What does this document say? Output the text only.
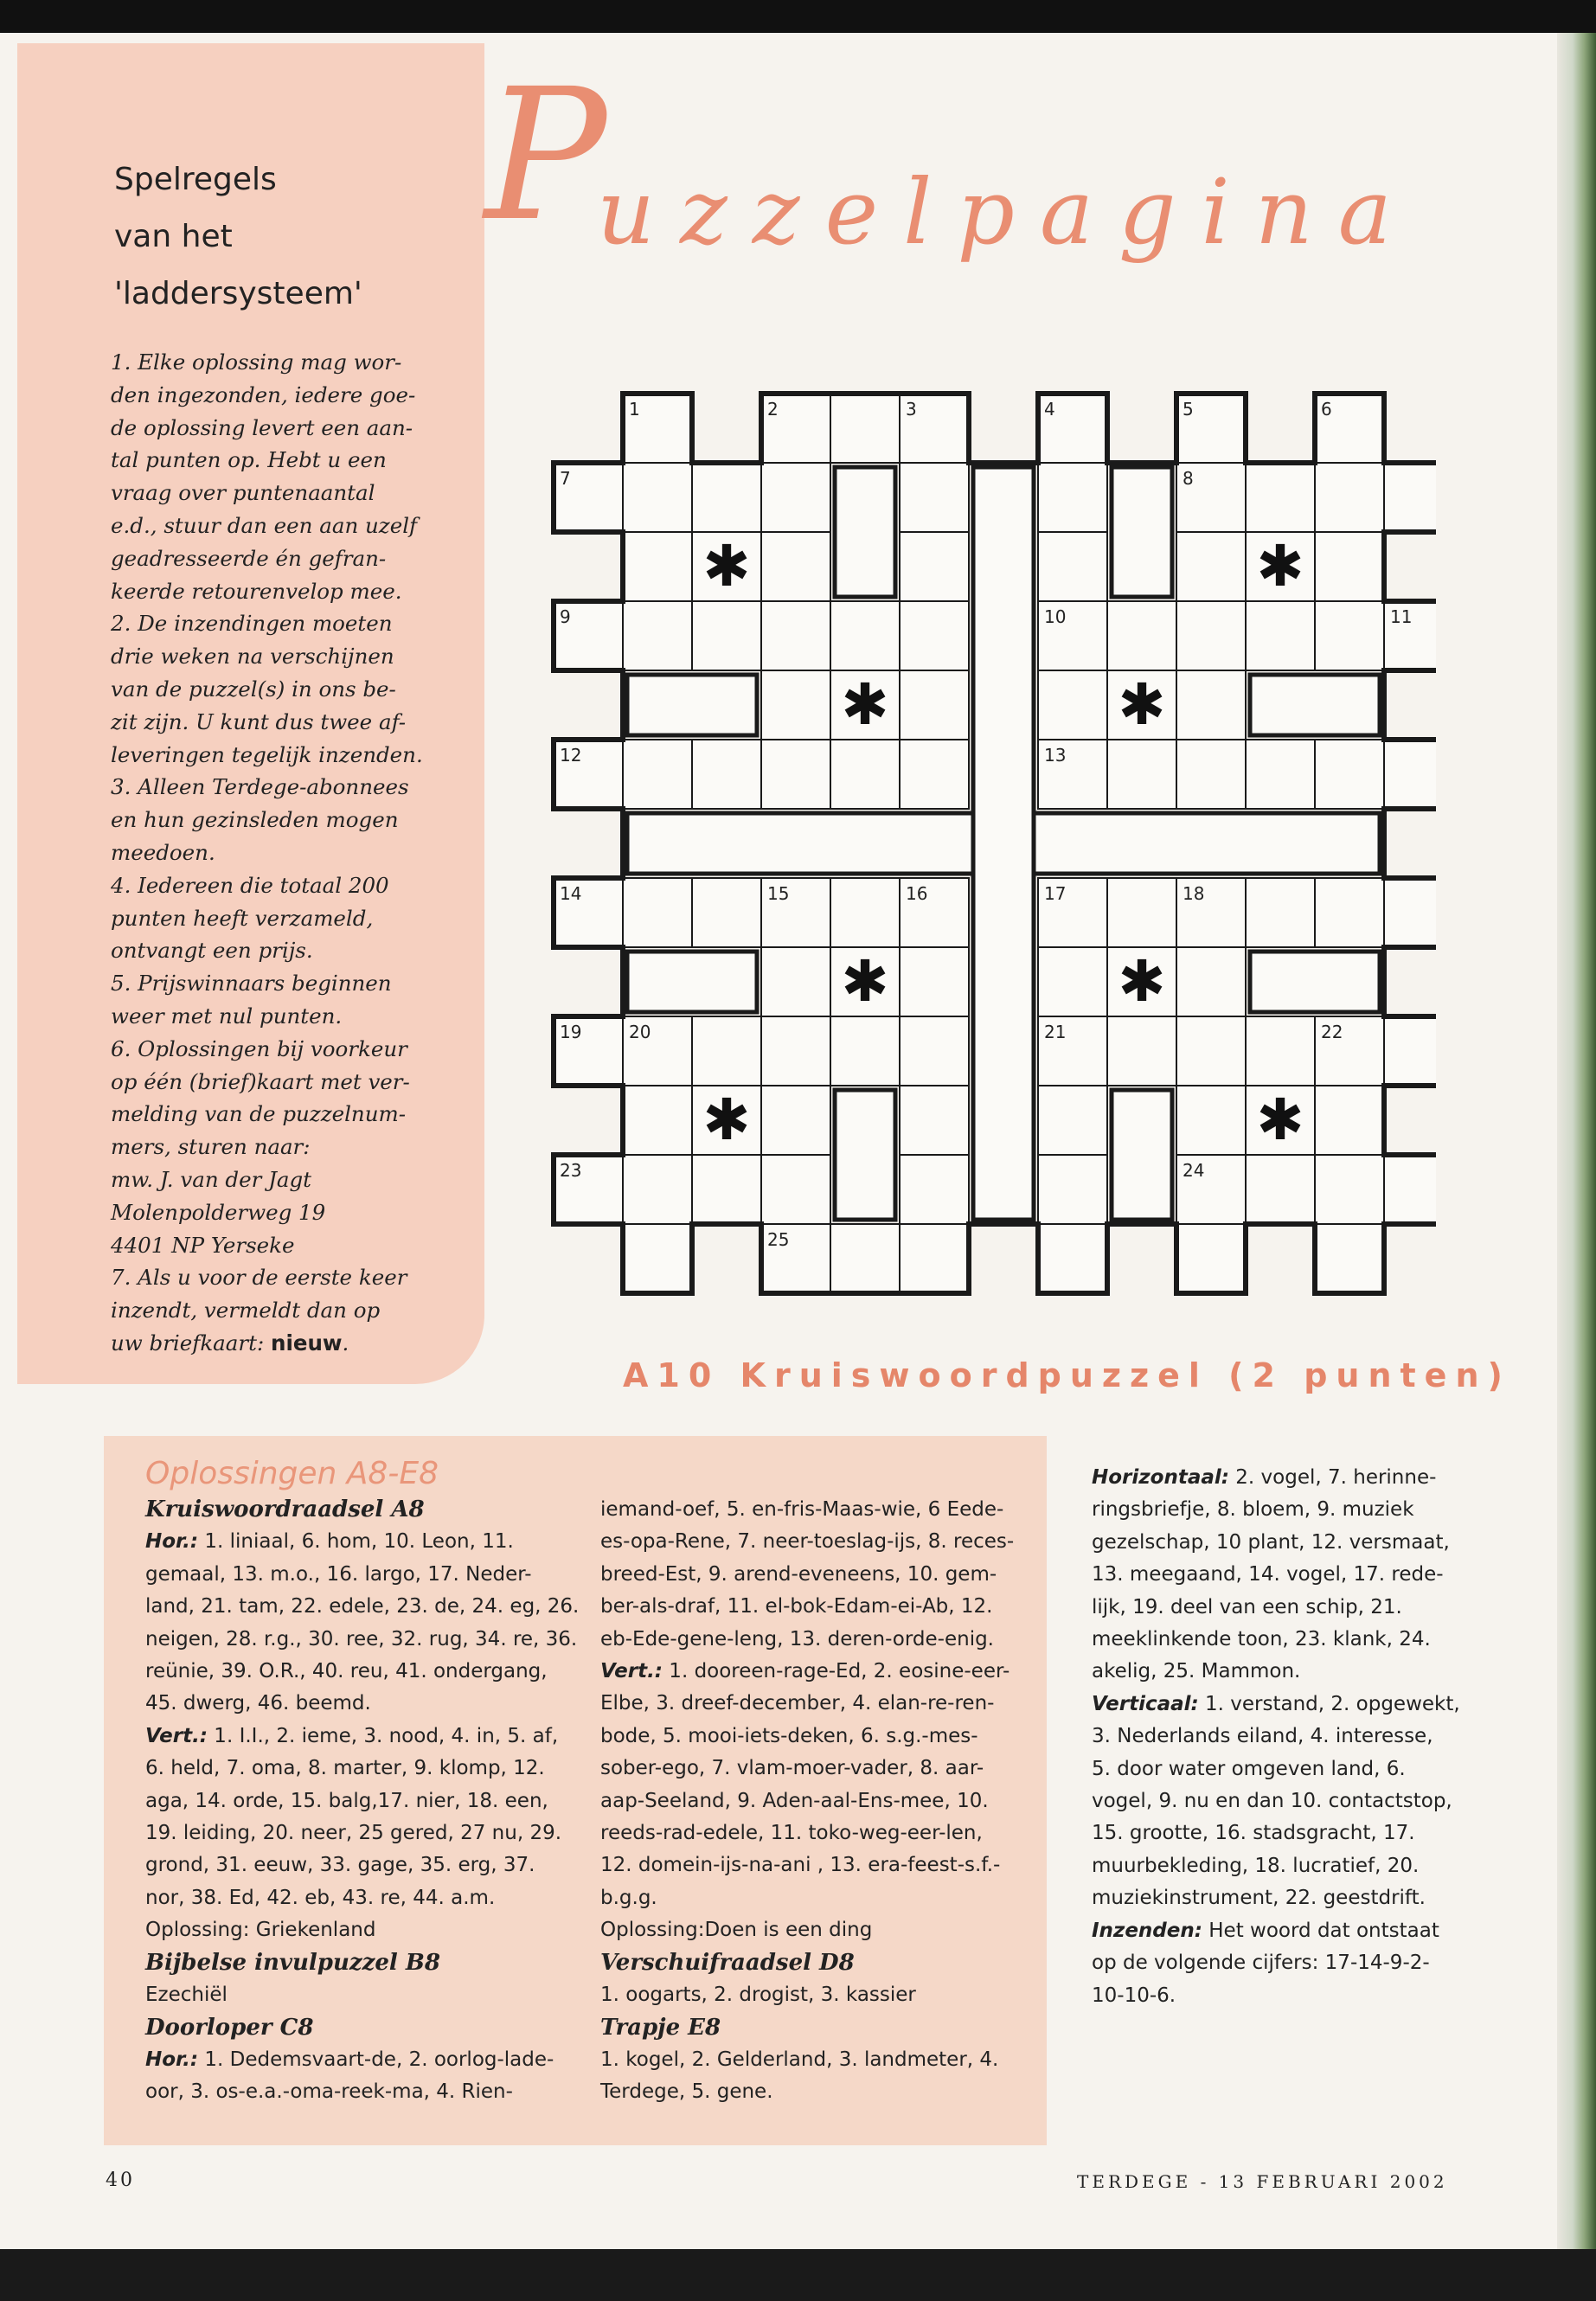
Spelregels
van het
'laddersysteem'
1. Elke oplossing mag wor-
den ingezonden, iedere goe-
de oplossing levert een aan-
tal punten op. Hebt u een
vraag over puntenaantal
e.d., stuur dan een aan uzelf
geadresseerde én gefran-
keerde retourenvelop mee.
2. De inzendingen moeten
drie weken na verschijnen
van de puzzel(s) in ons be-
zit zijn. U kunt dus twee af-
leveringen tegelijk inzenden.
3. Alleen Terdege-abonnees
en hun gezinsleden mogen
meedoen.
4. Iedereen die totaal 200
punten heeft verzameld,
ontvangt een prijs.
5. Prijswinnaars beginnen
weer met nul punten.
6. Oplossingen bij voorkeur
op één (brief)kaart met ver-
melding van de puzzelnum-
mers, sturen naar:
mw. J. van der Jagt
Molenpolderweg 19
4401 NP Yerseke
7. Als u voor de eerste keer
inzendt, vermeldt dan op
uw briefkaart: nieuw.
P
uzzelpagina
✱	✱
✱	✱
✱	✱
✱	✱
1	2	3	4	5	6
7	8
9	10	11
12	13
14	15	16	17	18
19	20	21	22
23	24
25
A10 Kruiswoordpuzzel (2 punten)
Oplossingen A8-E8
Kruiswoordraadsel A8
Hor.: 1. liniaal, 6. hom, 10. Leon, 11.
gemaal, 13. m.o., 16. largo, 17. Neder-
land, 21. tam, 22. edele, 23. de, 24. eg, 26.
neigen, 28. r.g., 30. ree, 32. rug, 34. re, 36.
reünie, 39. O.R., 40. reu, 41. ondergang,
45. dwerg, 46. beemd.
Vert.: 1. I.I., 2. ieme, 3. nood, 4. in, 5. af,
6. held, 7. oma, 8. marter, 9. klomp, 12.
aga, 14. orde, 15. balg,17. nier, 18. een,
19. leiding, 20. neer, 25 gered, 27 nu, 29.
grond, 31. eeuw, 33. gage, 35. erg, 37.
nor, 38. Ed, 42. eb, 43. re, 44. a.m.
Oplossing: Griekenland
Bijbelse invulpuzzel B8
Ezechiël
Doorloper C8
Hor.: 1. Dedemsvaart-de, 2. oorlog-lade-
oor, 3. os-e.a.-oma-reek-ma, 4. Rien-
iemand-oef, 5. en-fris-Maas-wie, 6 Eede-
es-opa-Rene, 7. neer-toeslag-ijs, 8. reces-
breed-Est, 9. arend-eveneens, 10. gem-
ber-als-draf, 11. el-bok-Edam-ei-Ab, 12.
eb-Ede-gene-leng, 13. deren-orde-enig.
Vert.: 1. dooreen-rage-Ed, 2. eosine-eer-
Elbe, 3. dreef-december, 4. elan-re-ren-
bode, 5. mooi-iets-deken, 6. s.g.-mes-
sober-ego, 7. vlam-moer-vader, 8. aar-
aap-Seeland, 9. Aden-aal-Ens-mee, 10.
reeds-rad-edele, 11. toko-weg-eer-len,
12. domein-ijs-na-ani , 13. era-feest-s.f.-
b.g.g.
Oplossing:Doen is een ding
Verschuifraadsel D8
1. oogarts, 2. drogist, 3. kassier
Trapje E8
1. kogel, 2. Gelderland, 3. landmeter, 4.
Terdege, 5. gene.
Horizontaal: 2. vogel, 7. herinne-
ringsbriefje, 8. bloem, 9. muziek
gezelschap, 10 plant, 12. versmaat,
13. meegaand, 14. vogel, 17. rede-
lijk, 19. deel van een schip, 21.
meeklinkende toon, 23. klank, 24.
akelig, 25. Mammon.
Verticaal: 1. verstand, 2. opgewekt,
3. Nederlands eiland, 4. interesse,
5. door water omgeven land, 6.
vogel, 9. nu en dan 10. contactstop,
15. grootte, 16. stadsgracht, 17.
muurbekleding, 18. lucratief, 20.
muziekinstrument, 22. geestdrift.
Inzenden: Het woord dat ontstaat
op de volgende cijfers: 17-14-9-2-
10-10-6.
40	TERDEGE - 13 FEBRUARI 2002
